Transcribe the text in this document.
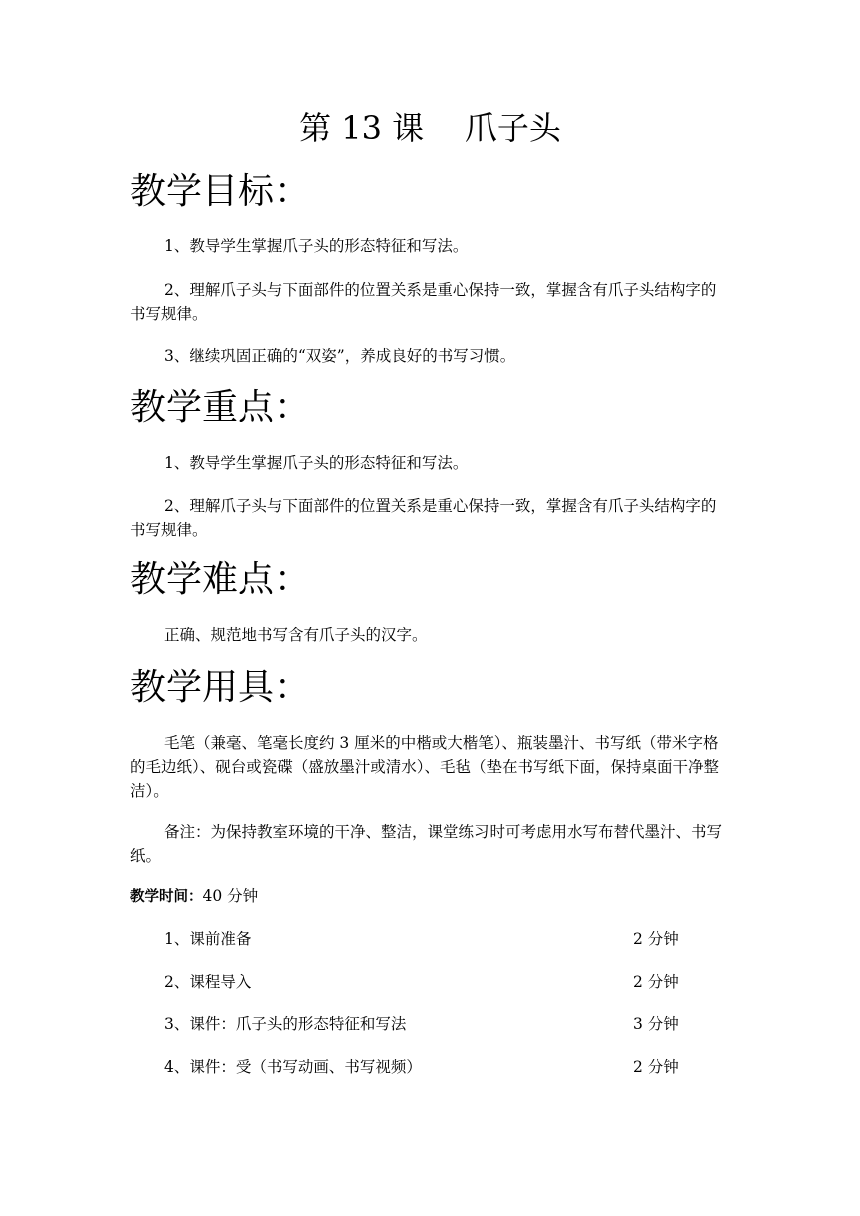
第 13 课    爪子头
教学目标：
1、教导学生掌握爪子头的形态特征和写法。
2、理解爪子头与下面部件的位置关系是重心保持一致，掌握含有爪子头结构字的书写规律。
3、继续巩固正确的“双姿”，养成良好的书写习惯。
教学重点：
1、教导学生掌握爪子头的形态特征和写法。
2、理解爪子头与下面部件的位置关系是重心保持一致，掌握含有爪子头结构字的书写规律。
教学难点：
正确、规范地书写含有爪子头的汉字。
教学用具：
毛笔（兼毫、笔毫长度约 3 厘米的中楷或大楷笔）、瓶装墨汁、书写纸（带米字格的毛边纸）、砚台或瓷碟（盛放墨汁或清水）、毛毡（垫在书写纸下面，保持桌面干净整洁）。
备注：为保持教室环境的干净、整洁，课堂练习时可考虑用水写布替代墨汁、书写纸。
教学时间：40 分钟
1、课前准备	2 分钟
2、课程导入	2 分钟
3、课件：爪子头的形态特征和写法	3 分钟
4、课件：受（书写动画、书写视频）	2 分钟
